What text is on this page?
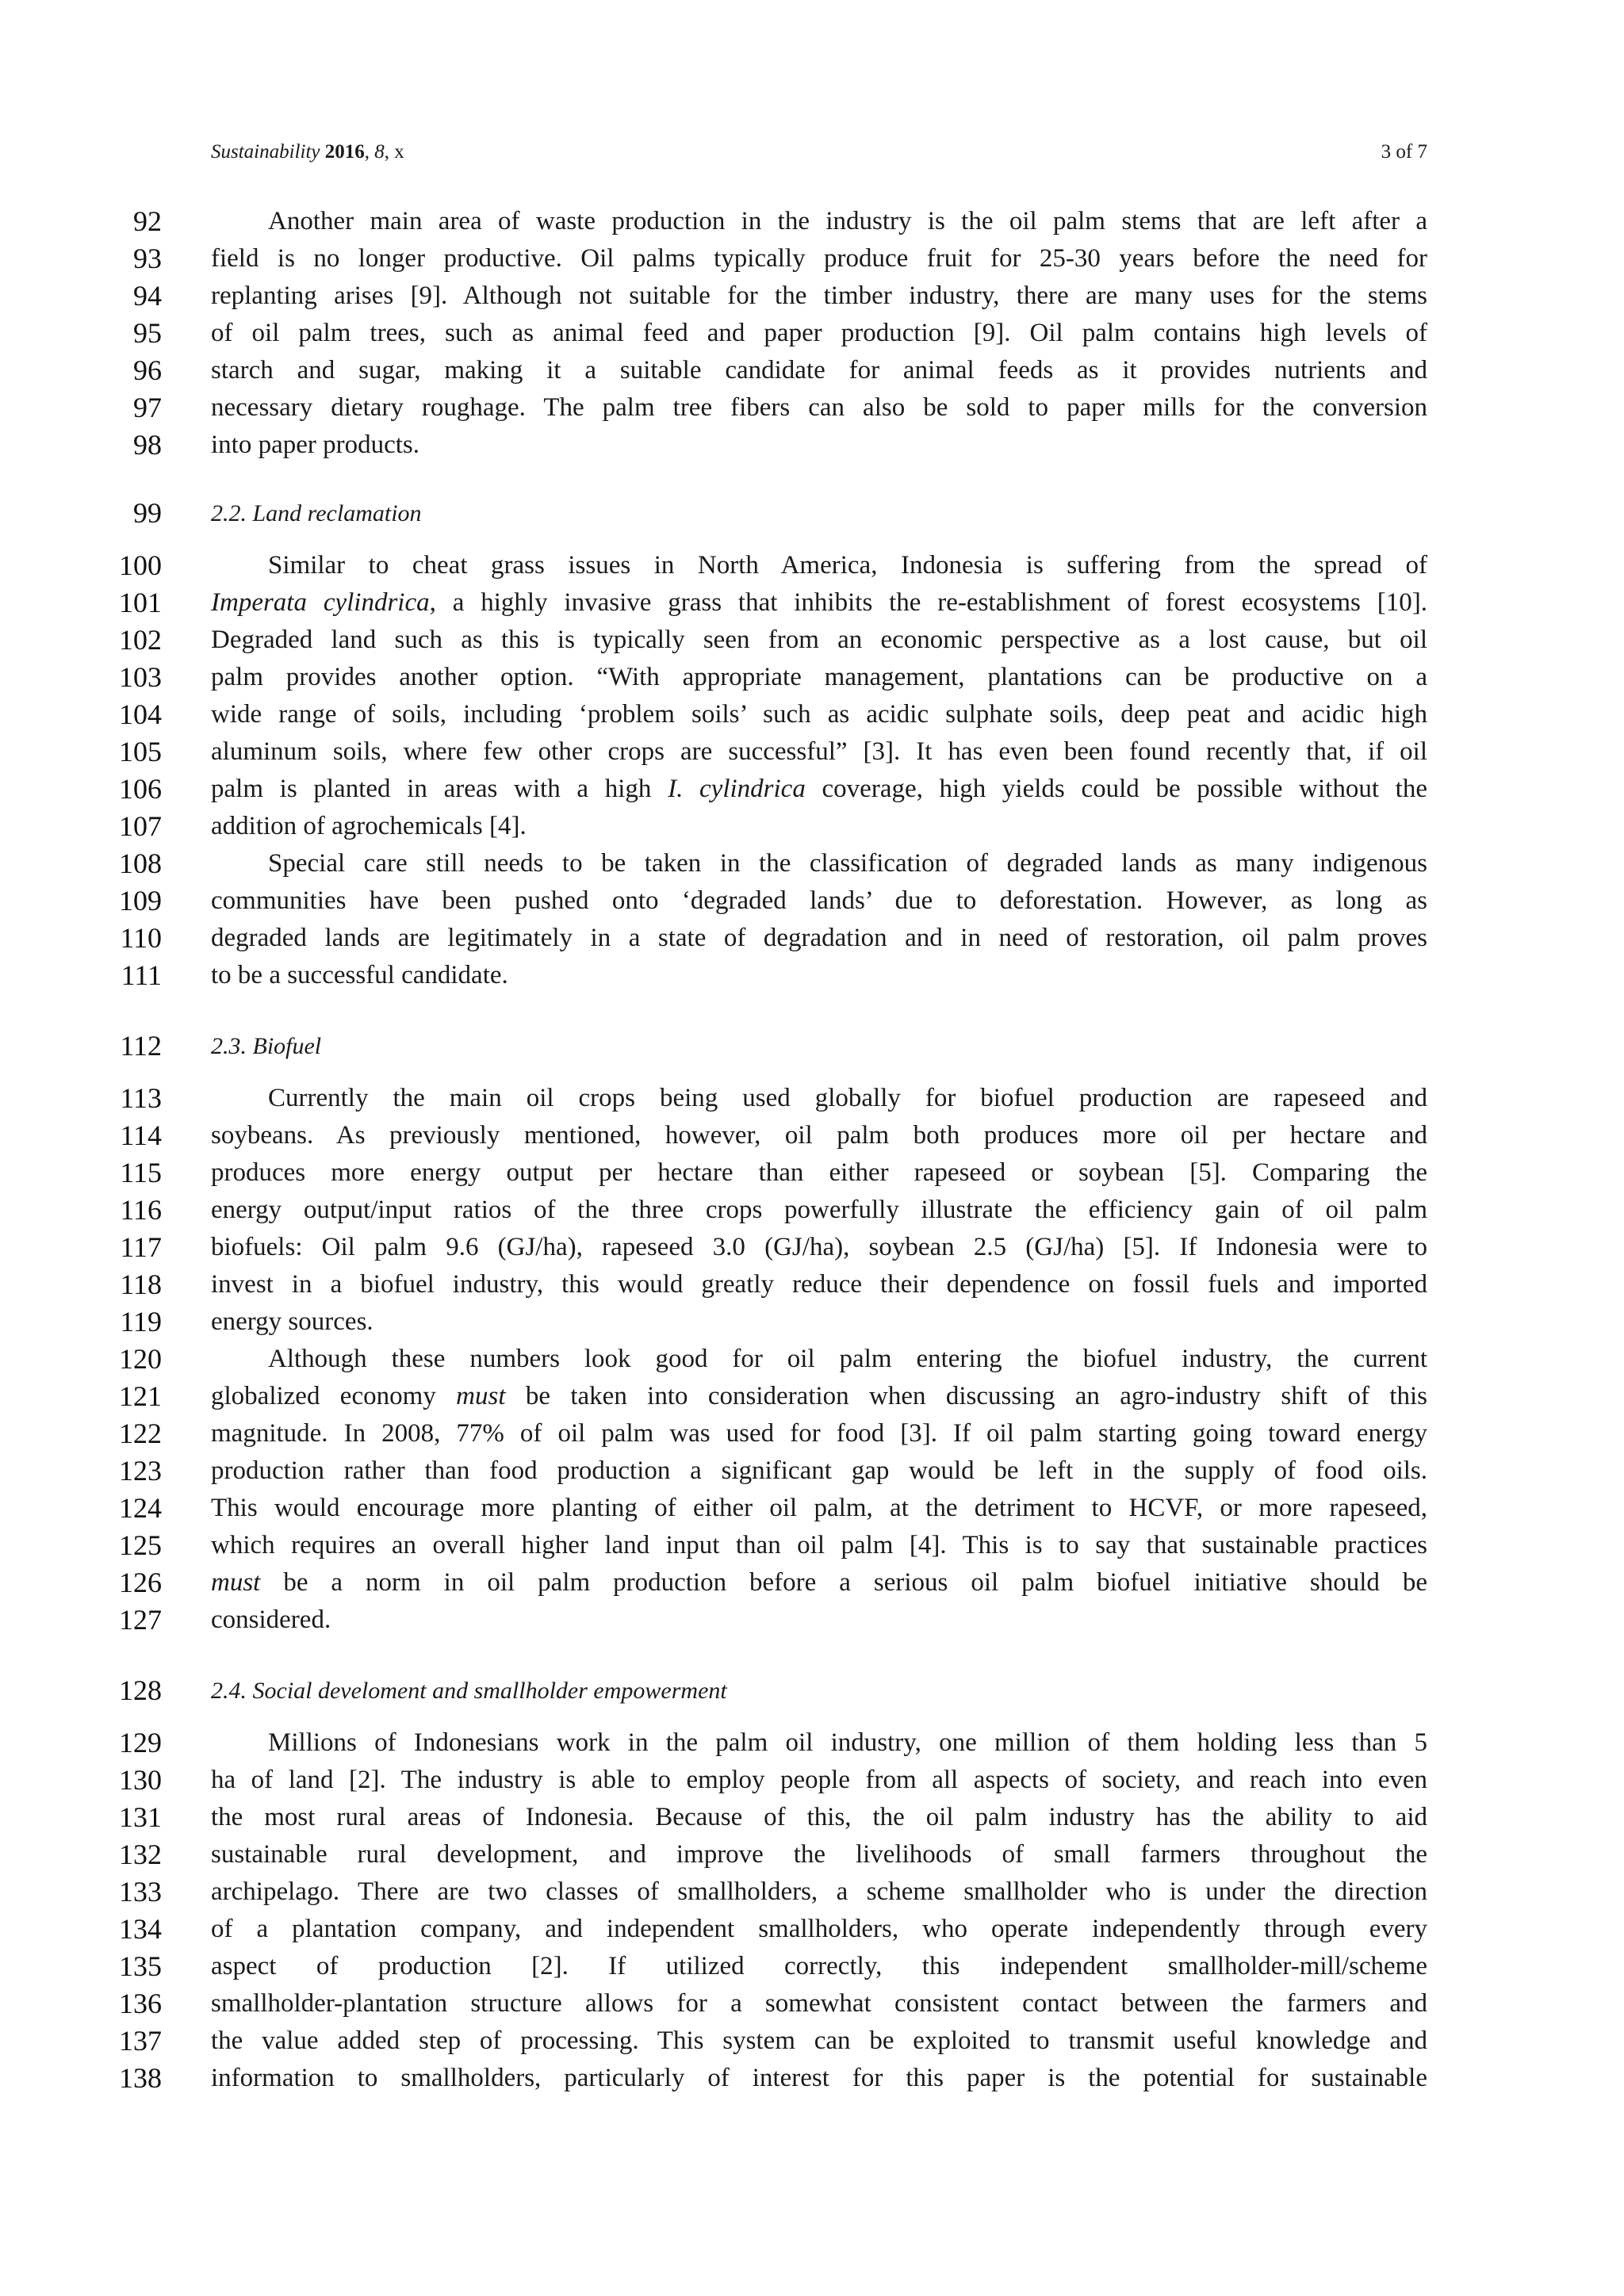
Sustainability 2016, 8, x	3 of 7
92	Another main area of waste production in the industry is the oil palm stems that are left after a
93 field is no longer productive. Oil palms typically produce fruit for 25-30 years before the need for
94 replanting arises [9]. Although not suitable for the timber industry, there are many uses for the stems
95 of oil palm trees, such as animal feed and paper production [9]. Oil palm contains high levels of
96 starch and sugar, making it a suitable candidate for animal feeds as it provides nutrients and
97 necessary dietary roughage. The palm tree fibers can also be sold to paper mills for the conversion
98 into paper products.
99 2.2. Land reclamation
100	Similar to cheat grass issues in North America, Indonesia is suffering from the spread of
101 Imperata cylindrica, a highly invasive grass that inhibits the re-establishment of forest ecosystems [10].
102 Degraded land such as this is typically seen from an economic perspective as a lost cause, but oil
103 palm provides another option. “With appropriate management, plantations can be productive on a
104 wide range of soils, including ‘problem soils’ such as acidic sulphate soils, deep peat and acidic high
105 aluminum soils, where few other crops are successful” [3]. It has even been found recently that, if oil
106 palm is planted in areas with a high I. cylindrica coverage, high yields could be possible without the
107 addition of agrochemicals [4].
108	Special care still needs to be taken in the classification of degraded lands as many indigenous
109 communities have been pushed onto ‘degraded lands’ due to deforestation. However, as long as
110 degraded lands are legitimately in a state of degradation and in need of restoration, oil palm proves
111 to be a successful candidate.
112 2.3. Biofuel
113	Currently the main oil crops being used globally for biofuel production are rapeseed and
114 soybeans. As previously mentioned, however, oil palm both produces more oil per hectare and
115 produces more energy output per hectare than either rapeseed or soybean [5]. Comparing the
116 energy output/input ratios of the three crops powerfully illustrate the efficiency gain of oil palm
117 biofuels: Oil palm 9.6 (GJ/ha), rapeseed 3.0 (GJ/ha), soybean 2.5 (GJ/ha) [5]. If Indonesia were to
118 invest in a biofuel industry, this would greatly reduce their dependence on fossil fuels and imported
119 energy sources.
120	Although these numbers look good for oil palm entering the biofuel industry, the current
121 globalized economy must be taken into consideration when discussing an agro-industry shift of this
122 magnitude. In 2008, 77% of oil palm was used for food [3]. If oil palm starting going toward energy
123 production rather than food production a significant gap would be left in the supply of food oils.
124 This would encourage more planting of either oil palm, at the detriment to HCVF, or more rapeseed,
125 which requires an overall higher land input than oil palm [4]. This is to say that sustainable practices
126 must be a norm in oil palm production before a serious oil palm biofuel initiative should be
127 considered.
128 2.4. Social develoment and smallholder empowerment
129	Millions of Indonesians work in the palm oil industry, one million of them holding less than 5
130 ha of land [2]. The industry is able to employ people from all aspects of society, and reach into even
131 the most rural areas of Indonesia. Because of this, the oil palm industry has the ability to aid
132 sustainable rural development, and improve the livelihoods of small farmers throughout the
133 archipelago. There are two classes of smallholders, a scheme smallholder who is under the direction
134 of a plantation company, and independent smallholders, who operate independently through every
135 aspect of production [2]. If utilized correctly, this independent smallholder-mill/scheme
136 smallholder-plantation structure allows for a somewhat consistent contact between the farmers and
137 the value added step of processing. This system can be exploited to transmit useful knowledge and
138 information to smallholders, particularly of interest for this paper is the potential for sustainable
